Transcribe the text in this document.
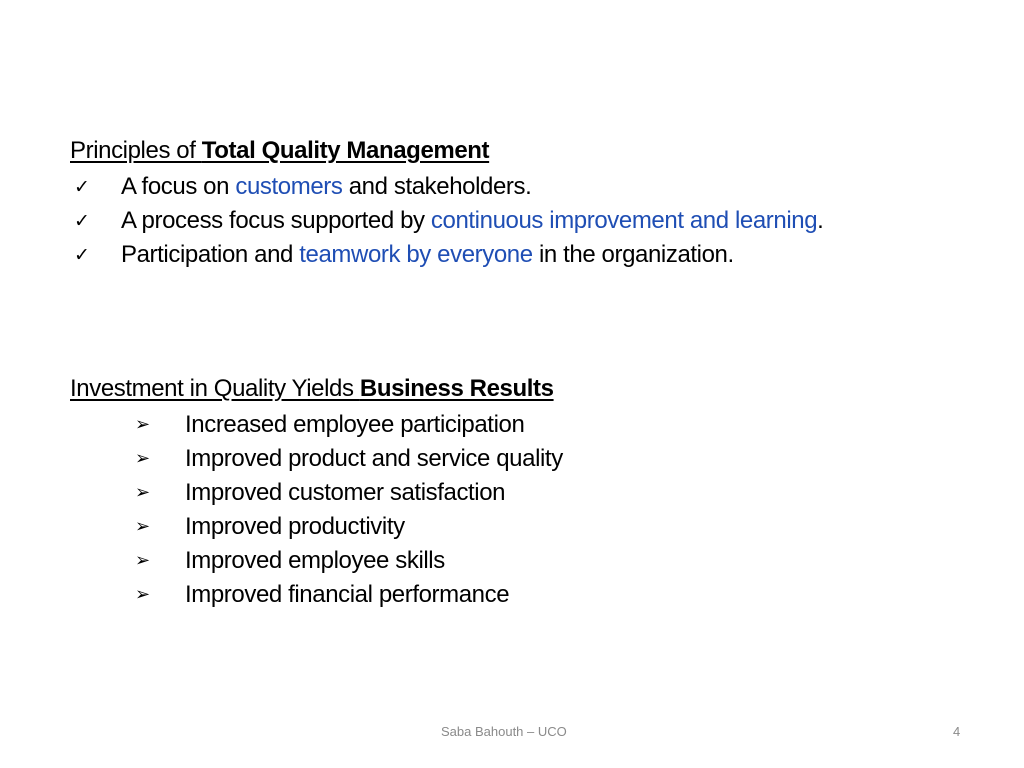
Principles of Total Quality Management
✓ A focus on customers and stakeholders.
✓ A process focus supported by continuous improvement and learning.
✓ Participation and teamwork by everyone in the organization.
Investment in Quality Yields Business Results
➢ Increased employee participation
➢ Improved product and service quality
➢ Improved customer satisfaction
➢ Improved productivity
➢ Improved employee skills
➢ Improved financial performance
Saba Bahouth – UCO	4
